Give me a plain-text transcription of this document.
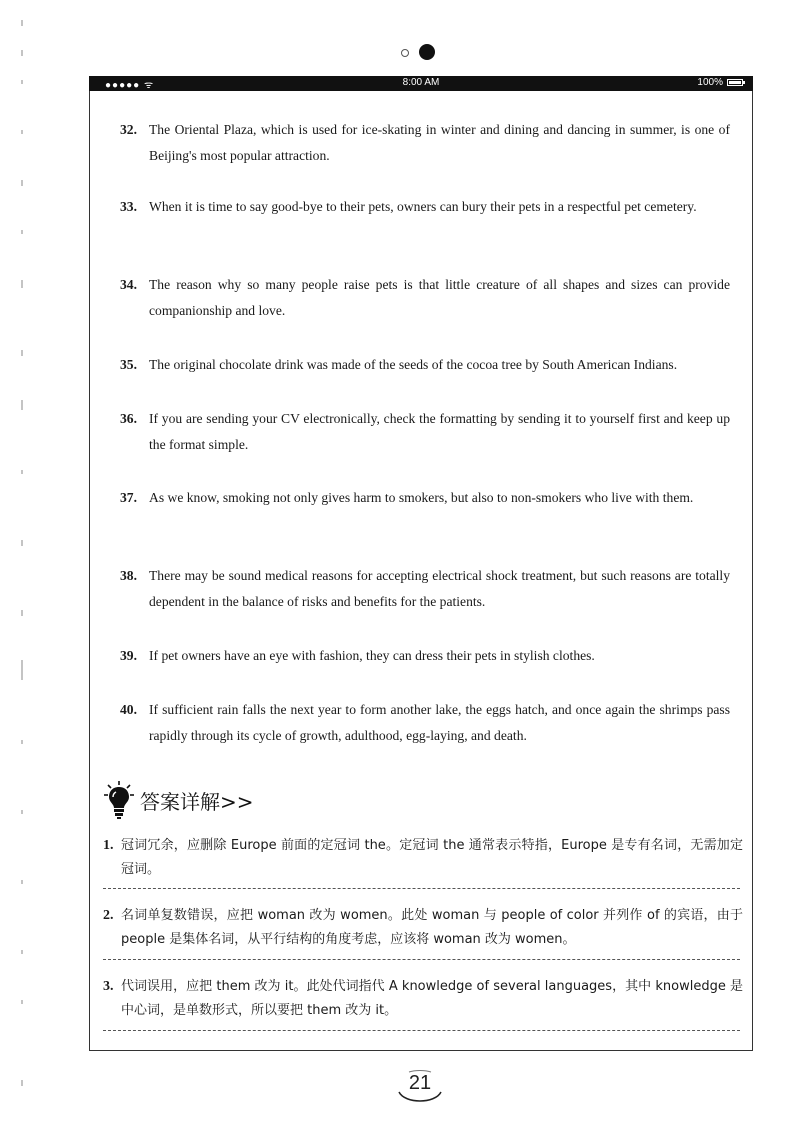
●●●●● ᯤ	8:00 AM	100%
32. The Oriental Plaza, which is used for ice-skating in winter and dining and dancing in summer, is one of Beijing's most popular attraction.
33. When it is time to say good-bye to their pets, owners can bury their pets in a respectful pet cemetery.
34. The reason why so many people raise pets is that little creature of all shapes and sizes can provide companionship and love.
35. The original chocolate drink was made of the seeds of the cocoa tree by South American Indians.
36. If you are sending your CV electronically, check the formatting by sending it to yourself first and keep up the format simple.
37. As we know, smoking not only gives harm to smokers, but also to non-smokers who live with them.
38. There may be sound medical reasons for accepting electrical shock treatment, but such reasons are totally dependent in the balance of risks and benefits for the patients.
39. If pet owners have an eye with fashion, they can dress their pets in stylish clothes.
40. If sufficient rain falls the next year to form another lake, the eggs hatch, and once again the shrimps pass rapidly through its cycle of growth, adulthood, egg-laying, and death.
答案详解>>
1. 冠词冗余，应删除 Europe 前面的定冠词 the。定冠词 the 通常表示特指，Europe 是专有名词，无需加定冠词。
2. 名词单复数错误，应把 woman 改为 women。此处 woman 与 people of color 并列作 of 的宾语，由于 people 是集体名词，从平行结构的角度考虑，应该将 woman 改为 women。
3. 代词误用，应把 them 改为 it。此处代词指代 A knowledge of several languages，其中 knowledge 是中心词，是单数形式，所以要把 them 改为 it。
21
